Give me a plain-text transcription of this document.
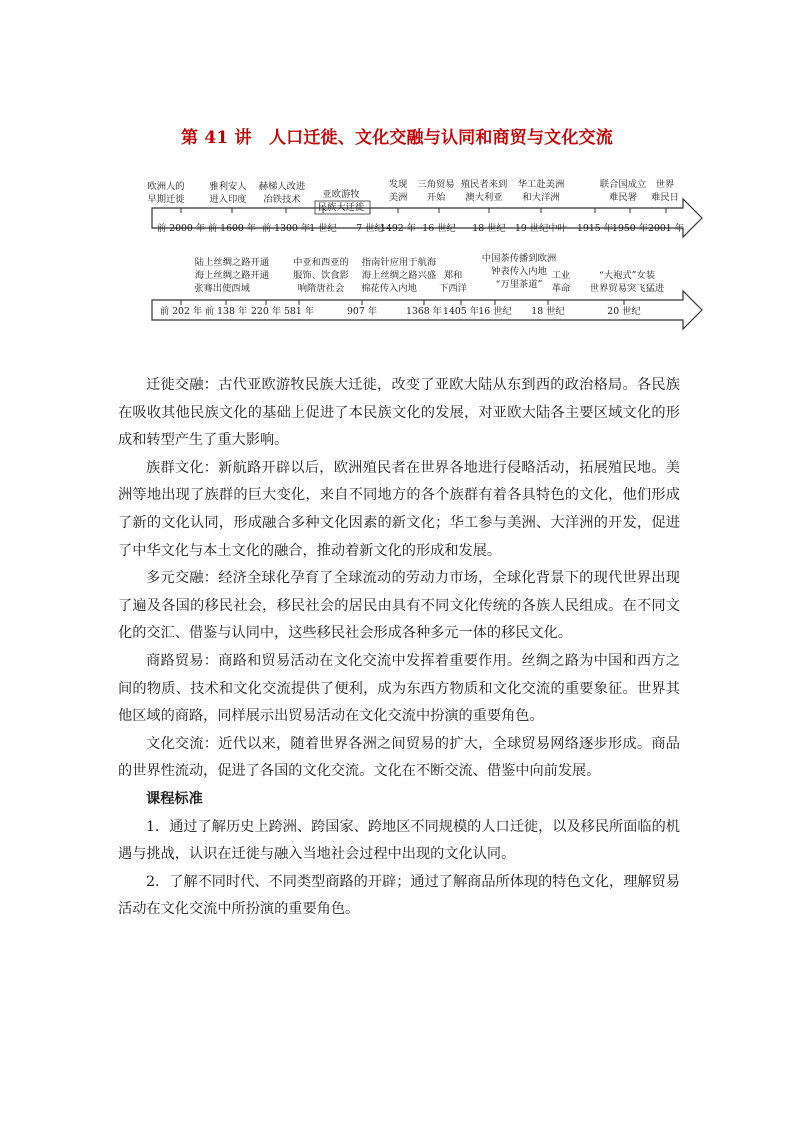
第 41 讲　人口迁徙、文化交融与认同和商贸与文化交流
欧洲人的早期迁徙
雅利安人进入印度
赫梯人改进冶铁技术	亚欧游牧民族大迁徙
发现美洲
三角贸易开始
殖民者来到澳大利亚
华工赴美洲和大洋洲
联合国成立难民署
世界难民日
前 2000 年 前 1600 年 前 1300 年 1 世纪 7 世纪
1492 年 16 世纪 18 世纪 19 世纪中叶 1915 年 1950 年 2001 年
陆上丝绸之路开通海上丝绸之路开通张骞出使西域
中亚和西亚的服饰、饮食影响隋唐社会
指南针应用于航海海上丝绸之路兴盛棉花传入内地
郑和下西洋
中国茶传播到欧洲钟表传入内地“万里茶道”
工业革命
“大袍式”女装世界贸易突飞猛进
前 202 年 前 138 年 220 年 581 年	907 年	1368 年 1405 年 16 世纪 18 世纪	20 世纪

迁徙交融：古代亚欧游牧民族大迁徙，改变了亚欧大陆从东到西的政治格局。各民族在吸收其他民族文化的基础上促进了本民族文化的发展，对亚欧大陆各主要区域文化的形成和转型产生了重大影响。

族群文化：新航路开辟以后，欧洲殖民者在世界各地进行侵略活动，拓展殖民地。美洲等地出现了族群的巨大变化，来自不同地方的各个族群有着各具特色的文化，他们形成了新的文化认同，形成融合多种文化因素的新文化；华工参与美洲、大洋洲的开发，促进了中华文化与本土文化的融合，推动着新文化的形成和发展。

多元交融：经济全球化孕育了全球流动的劳动力市场，全球化背景下的现代世界出现了遍及各国的移民社会，移民社会的居民由具有不同文化传统的各族人民组成。在不同文化的交汇、借鉴与认同中，这些移民社会形成各种多元一体的移民文化。

商路贸易：商路和贸易活动在文化交流中发挥着重要作用。丝绸之路为中国和西方之间的物质、技术和文化交流提供了便利，成为东西方物质和文化交流的重要象征。世界其他区域的商路，同样展示出贸易活动在文化交流中扮演的重要角色。

文化交流：近代以来，随着世界各洲之间贸易的扩大，全球贸易网络逐步形成。商品的世界性流动，促进了各国的文化交流。文化在不断交流、借鉴中向前发展。

课程标准

1．通过了解历史上跨洲、跨国家、跨地区不同规模的人口迁徙，以及移民所面临的机遇与挑战，认识在迁徙与融入当地社会过程中出现的文化认同。

2．了解不同时代、不同类型商路的开辟；通过了解商品所体现的特色文化，理解贸易活动在文化交流中所扮演的重要角色。
